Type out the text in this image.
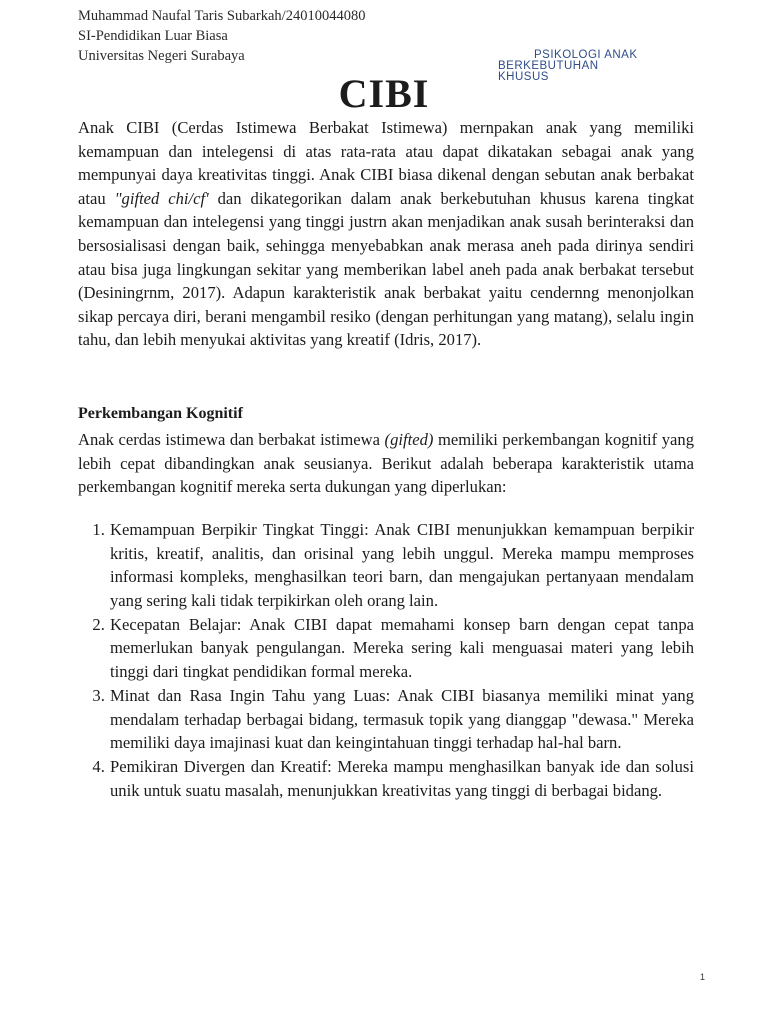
Muhammad Naufal Taris Subarkah/24010044080
SI-Pendidikan Luar Biasa
Universitas Negeri Surabaya	PSIKOLOGI ANAK
BERKEBUTUHAN
KHUSUS
CIBI

Anak CIBI (Cerdas Istimewa Berbakat Istimewa) mernpakan anak yang memiliki kemampuan dan intelegensi di atas rata-rata atau dapat dikatakan sebagai anak yang mempunyai daya kreativitas tinggi. Anak CIBI biasa dikenal dengan sebutan anak berbakat atau "gifted chi/cf' dan dikategorikan dalam anak berkebutuhan khusus karena tingkat kemampuan dan intelegensi yang tinggi justrn akan menjadikan anak susah berinteraksi dan bersosialisasi dengan baik, sehingga menyebabkan anak merasa aneh pada dirinya sendiri atau bisa juga lingkungan sekitar yang memberikan label aneh pada anak berbakat tersebut (Desiningrnm, 2017). Adapun karakteristik anak berbakat yaitu cendernng menonjolkan sikap percaya diri, berani mengambil resiko (dengan perhitungan yang matang), selalu ingin tahu, dan lebih menyukai aktivitas yang kreatif (Idris, 2017).

Perkembangan Kognitif

Anak cerdas istimewa dan berbakat istimewa (gifted) memiliki perkembangan kognitif yang lebih cepat dibandingkan anak seusianya. Berikut adalah beberapa karakteristik utama perkembangan kognitif mereka serta dukungan yang diperlukan:

1. Kemampuan Berpikir Tingkat Tinggi: Anak CIBI menunjukkan kemampuan berpikir kritis, kreatif, analitis, dan orisinal yang lebih unggul. Mereka mampu memproses informasi kompleks, menghasilkan teori barn, dan mengajukan pertanyaan mendalam yang sering kali tidak terpikirkan oleh orang lain.
2. Kecepatan Belajar: Anak CIBI dapat memahami konsep barn dengan cepat tanpa memerlukan banyak pengulangan. Mereka sering kali menguasai materi yang lebih tinggi dari tingkat pendidikan formal mereka.
3. Minat dan Rasa Ingin Tahu yang Luas: Anak CIBI biasanya memiliki minat yang mendalam terhadap berbagai bidang, termasuk topik yang dianggap "dewasa." Mereka memiliki daya imajinasi kuat dan keingintahuan tinggi terhadap hal-hal barn.
4. Pemikiran Divergen dan Kreatif: Mereka mampu menghasilkan banyak ide dan solusi unik untuk suatu masalah, menunjukkan kreativitas yang tinggi di berbagai bidang.
1
